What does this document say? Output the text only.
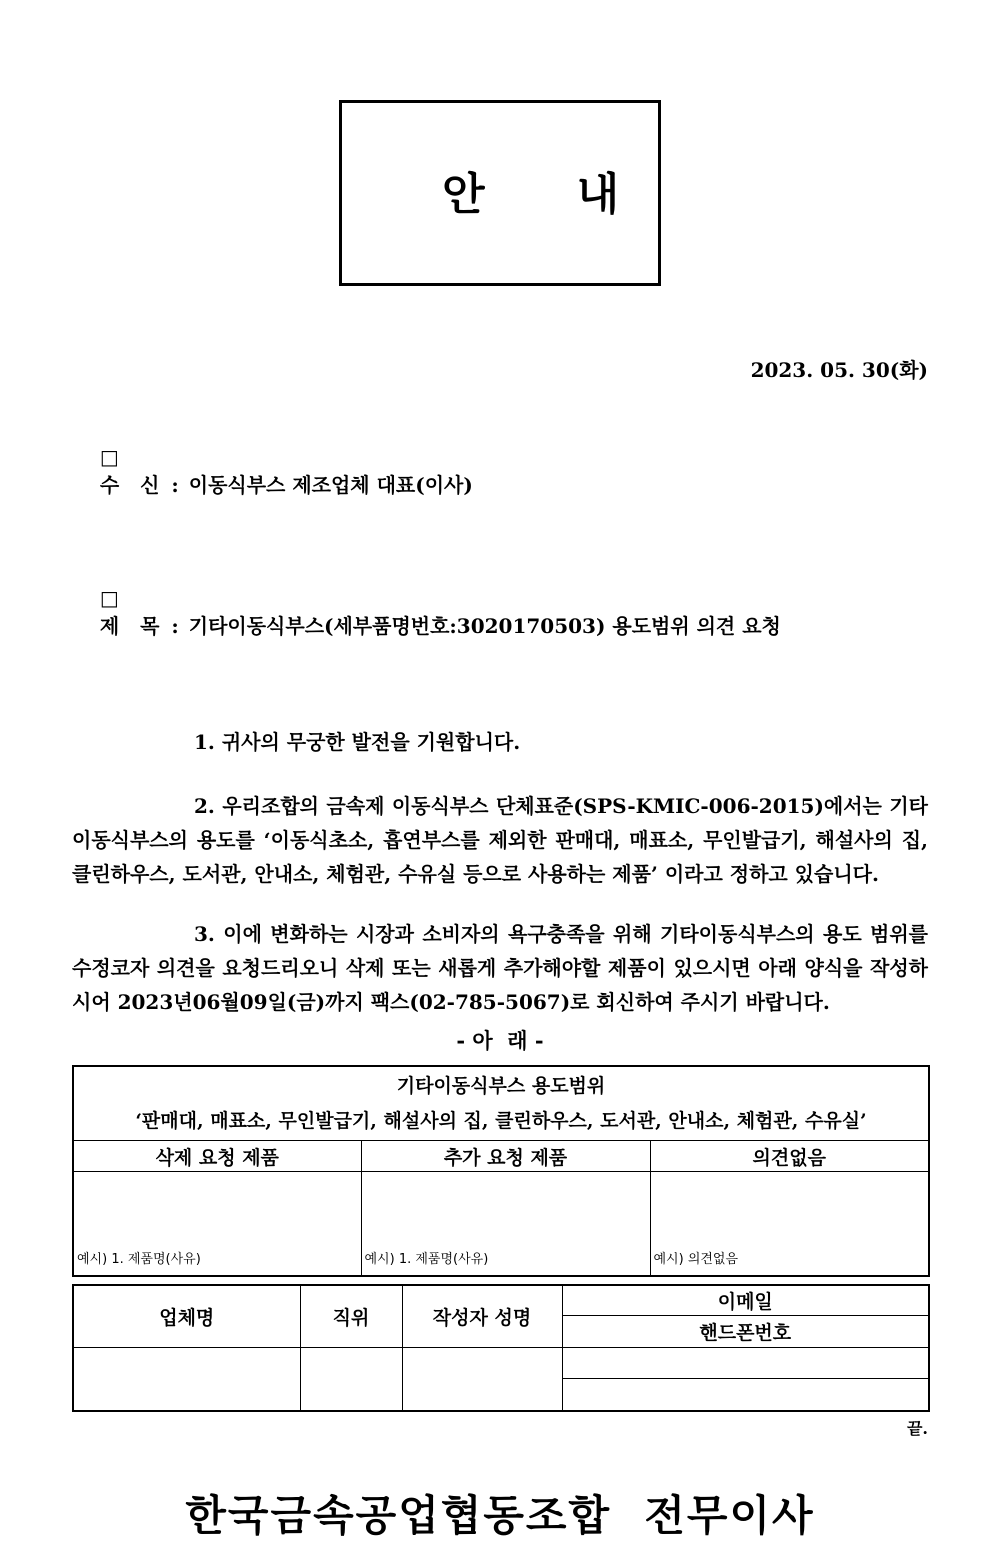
안      내

2023. 05. 30(화)

□
수   신 : 이동식부스 제조업체 대표(이사)

□
제   목 : 기타이동식부스(세부품명번호:3020170503) 용도범위 의견 요청

1. 귀사의 무궁한 발전을 기원합니다.

2. 우리조합의 금속제 이동식부스 단체표준(SPS-KMIC-006-2015)에서는 기타이동식부스의 용도를 ‘이동식초소, 흡연부스를 제외한 판매대, 매표소, 무인발급기, 해설사의 집, 클린하우스, 도서관, 안내소, 체험관, 수유실 등으로 사용하는 제품’ 이라고 정하고 있습니다.

3. 이에 변화하는 시장과 소비자의 욕구충족을 위해 기타이동식부스의 용도 범위를 수정코자 의견을 요청드리오니 삭제 또는 새롭게 추가해야할 제품이 있으시면 아래 양식을 작성하시어 2023년06월09일(금)까지 팩스(02-785-5067)로 회신하여 주시기 바랍니다.

- 아  래 -
기타이동식부스 용도범위
‘판매대, 매표소, 무인발급기, 해설사의 집, 클린하우스, 도서관, 안내소, 체험관, 수유실’		

삭제 요청 제품	추가 요청 제품	의견없음
예시) 1. 제품명(사유)	예시) 1. 제품명(사유)	예시) 의견없음
업체명	직위	작성자 성명	이메일
			핸드폰번호

끝.
한국금속공업협동조합  전무이사
